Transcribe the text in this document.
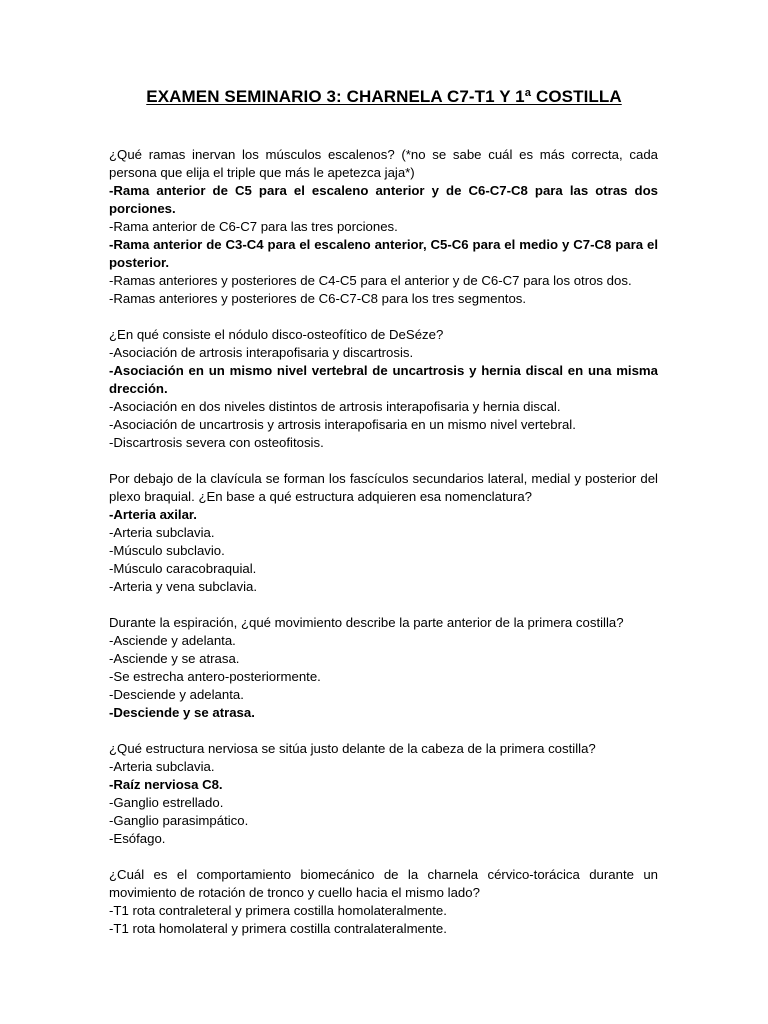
EXAMEN SEMINARIO 3: CHARNELA C7-T1 Y 1ª COSTILLA
¿Qué ramas inervan los músculos escalenos? (*no se sabe cuál es más correcta, cada persona que elija el triple que más le apetezca jaja*)
-Rama anterior de C5 para el escaleno anterior y de C6-C7-C8 para las otras dos porciones.
-Rama anterior de C6-C7 para las tres porciones.
-Rama anterior de C3-C4 para el escaleno anterior, C5-C6 para el medio y C7-C8 para el posterior.
-Ramas anteriores y posteriores de C4-C5 para el anterior y de C6-C7 para los otros dos.
-Ramas anteriores y posteriores de C6-C7-C8 para los tres segmentos.
¿En qué consiste el nódulo disco-osteofítico de DeSéze?
-Asociación de artrosis interapofisaria y discartrosis.
-Asociación en un mismo nivel vertebral de uncartrosis y hernia discal en una misma drección.
-Asociación en dos niveles distintos de artrosis interapofisaria y hernia discal.
-Asociación de uncartrosis y artrosis interapofisaria en un mismo nivel vertebral.
-Discartrosis severa con osteofitosis.
Por debajo de la clavícula se forman los fascículos secundarios lateral, medial y posterior del plexo braquial. ¿En base a qué estructura adquieren esa nomenclatura?
-Arteria axilar.
-Arteria subclavia.
-Músculo subclavio.
-Músculo caracobraquial.
-Arteria y vena subclavia.
Durante la espiración, ¿qué movimiento describe la parte anterior de la primera costilla?
-Asciende y adelanta.
-Asciende y se atrasa.
-Se estrecha antero-posteriormente.
-Desciende y adelanta.
-Desciende y se atrasa.
¿Qué estructura nerviosa se sitúa justo delante de la cabeza de la primera costilla?
-Arteria subclavia.
-Raíz nerviosa C8.
-Ganglio estrellado.
-Ganglio parasimpático.
-Esófago.
¿Cuál es el comportamiento biomecánico de la charnela cérvico-torácica durante un movimiento de rotación de tronco y cuello hacia el mismo lado?
-T1 rota contraleteral y primera costilla homolateralmente.
-T1 rota homolateral y primera costilla contralateralmente.
